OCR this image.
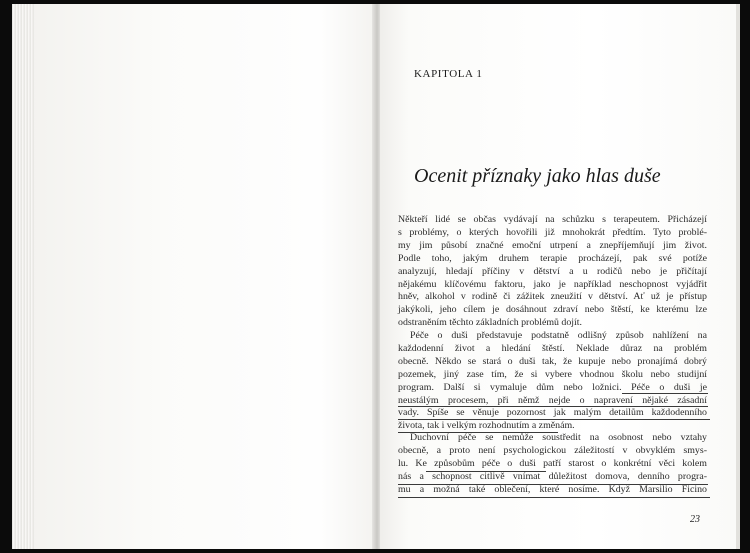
KAPITOLA 1
Ocenit příznaky jako hlas duše
Někteří lidé se občas vydávají na schůzku s terapeutem. Přicházejí
s problémy, o kterých hovořili již mnohokrát předtím. Tyto problé-
my jim působí značné emoční utrpení a znepříjemňují jim život.
Podle toho, jakým druhem terapie procházejí, pak své potíže
analyzují, hledají příčiny v dětství a u rodičů nebo je přičítají
nějakému klíčovému faktoru, jako je například neschopnost vyjádřit
hněv, alkohol v rodině či zážitek zneužití v dětství. Ať už je přístup
jakýkoli, jeho cílem je dosáhnout zdraví nebo štěstí, ke kterému lze
odstraněním těchto základních problémů dojít.
Péče o duši představuje podstatně odlišný způsob nahlížení na
každodenní život a hledání štěstí. Neklade důraz na problém
obecně. Někdo se stará o duši tak, že kupuje nebo pronajímá dobrý
pozemek, jiný zase tím, že si vybere vhodnou školu nebo studijní
program. Další si vymaluje dům nebo ložnici. Péče o duši je
neustálým procesem, při němž nejde o napravení nějaké zásadní
vady. Spíše se věnuje pozornost jak malým detailům každodenního
života, tak i velkým rozhodnutím a změnám.
Duchovní péče se nemůže soustředit na osobnost nebo vztahy
obecně, a proto není psychologickou záležitostí v obvyklém smys-
lu. Ke způsobům péče o duši patří starost o konkrétní věci kolem
nás a schopnost citlivě vnímat důležitost domova, denního progra-
mu a možná také oblečení, které nosíme. Když Marsilio Ficino
23
